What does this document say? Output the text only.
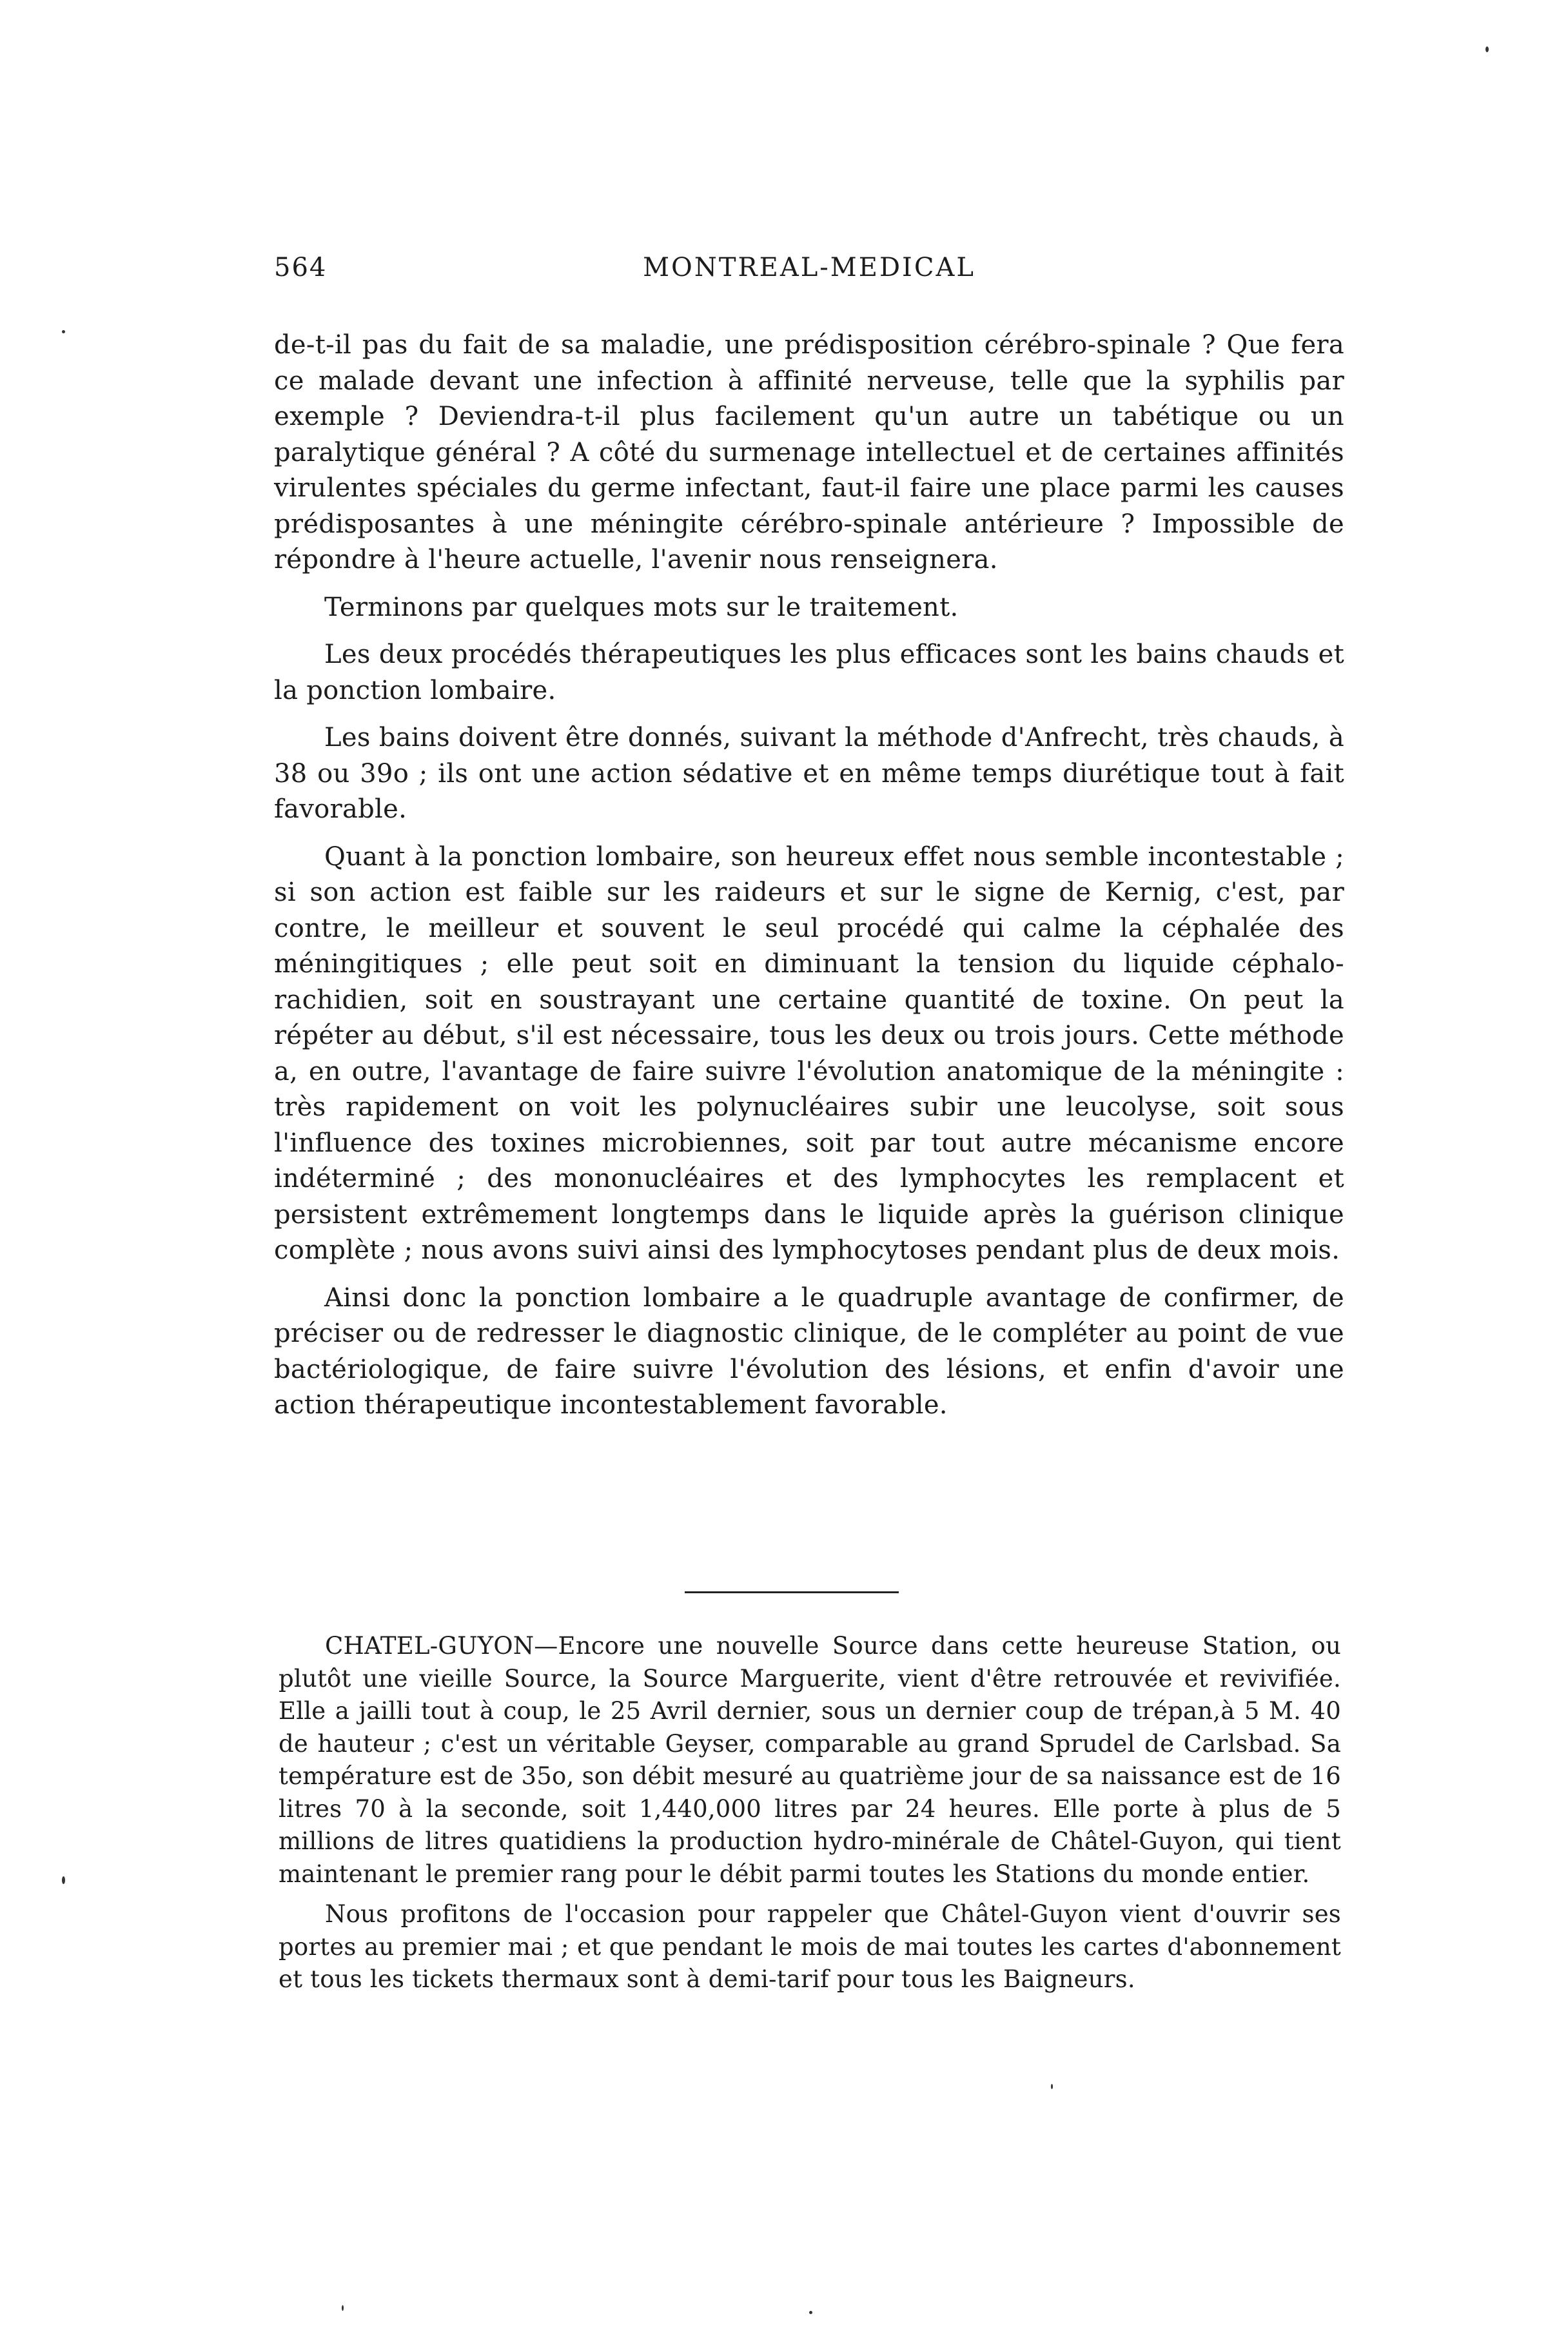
564	MONTREAL-MEDICAL

de-t-il pas du fait de sa maladie, une prédisposition cérébro-spinale ? Que fera ce malade devant une infection à affinité nerveuse, telle que la syphilis par exemple ? Deviendra-t-il plus facilement qu'un autre un tabétique ou un paralytique général ? A côté du surmenage intellectuel et de certaines affinités virulentes spéciales du germe infectant, faut-il faire une place parmi les causes prédisposantes à une méningite cérébro-spinale antérieure ? Impossible de répondre à l'heure actuelle, l'avenir nous renseignera.

Terminons par quelques mots sur le traitement.

Les deux procédés thérapeutiques les plus efficaces sont les bains chauds et la ponction lombaire.

Les bains doivent être donnés, suivant la méthode d'Anfrecht, très chauds, à 38 ou 39o ; ils ont une action sédative et en même temps diurétique tout à fait favorable.

Quant à la ponction lombaire, son heureux effet nous semble incontestable ; si son action est faible sur les raideurs et sur le signe de Kernig, c'est, par contre, le meilleur et souvent le seul procédé qui calme la céphalée des méningitiques ; elle peut soit en diminuant la tension du liquide céphalo-rachidien, soit en soustrayant une certaine quantité de toxine. On peut la répéter au début, s'il est nécessaire, tous les deux ou trois jours. Cette méthode a, en outre, l'avantage de faire suivre l'évolution anatomique de la méningite : très rapidement on voit les polynucléaires subir une leucolyse, soit sous l'influence des toxines microbiennes, soit par tout autre mécanisme encore indéterminé ; des mononucléaires et des lymphocytes les remplacent et persistent extrêmement longtemps dans le liquide après la guérison clinique complète ; nous avons suivi ainsi des lymphocytoses pendant plus de deux mois.

Ainsi donc la ponction lombaire a le quadruple avantage de confirmer, de préciser ou de redresser le diagnostic clinique, de le compléter au point de vue bactériologique, de faire suivre l'évolution des lésions, et enfin d'avoir une action thérapeutique incontestablement favorable.

CHATEL-GUYON—Encore une nouvelle Source dans cette heureuse Station, ou plutôt une vieille Source, la Source Marguerite, vient d'être retrouvée et revivifiée. Elle a jailli tout à coup, le 25 Avril dernier, sous un dernier coup de trépan,à 5 M. 40 de hauteur ; c'est un véritable Geyser, comparable au grand Sprudel de Carlsbad. Sa température est de 35o, son débit mesuré au quatrième jour de sa naissance est de 16 litres 70 à la seconde, soit 1,440,000 litres par 24 heures. Elle porte à plus de 5 millions de litres quatidiens la production hydro-minérale de Châtel-Guyon, qui tient maintenant le premier rang pour le débit parmi toutes les Stations du monde entier.

Nous profitons de l'occasion pour rappeler que Châtel-Guyon vient d'ouvrir ses portes au premier mai ; et que pendant le mois de mai toutes les cartes d'abonnement et tous les tickets thermaux sont à demi-tarif pour tous les Baigneurs.
